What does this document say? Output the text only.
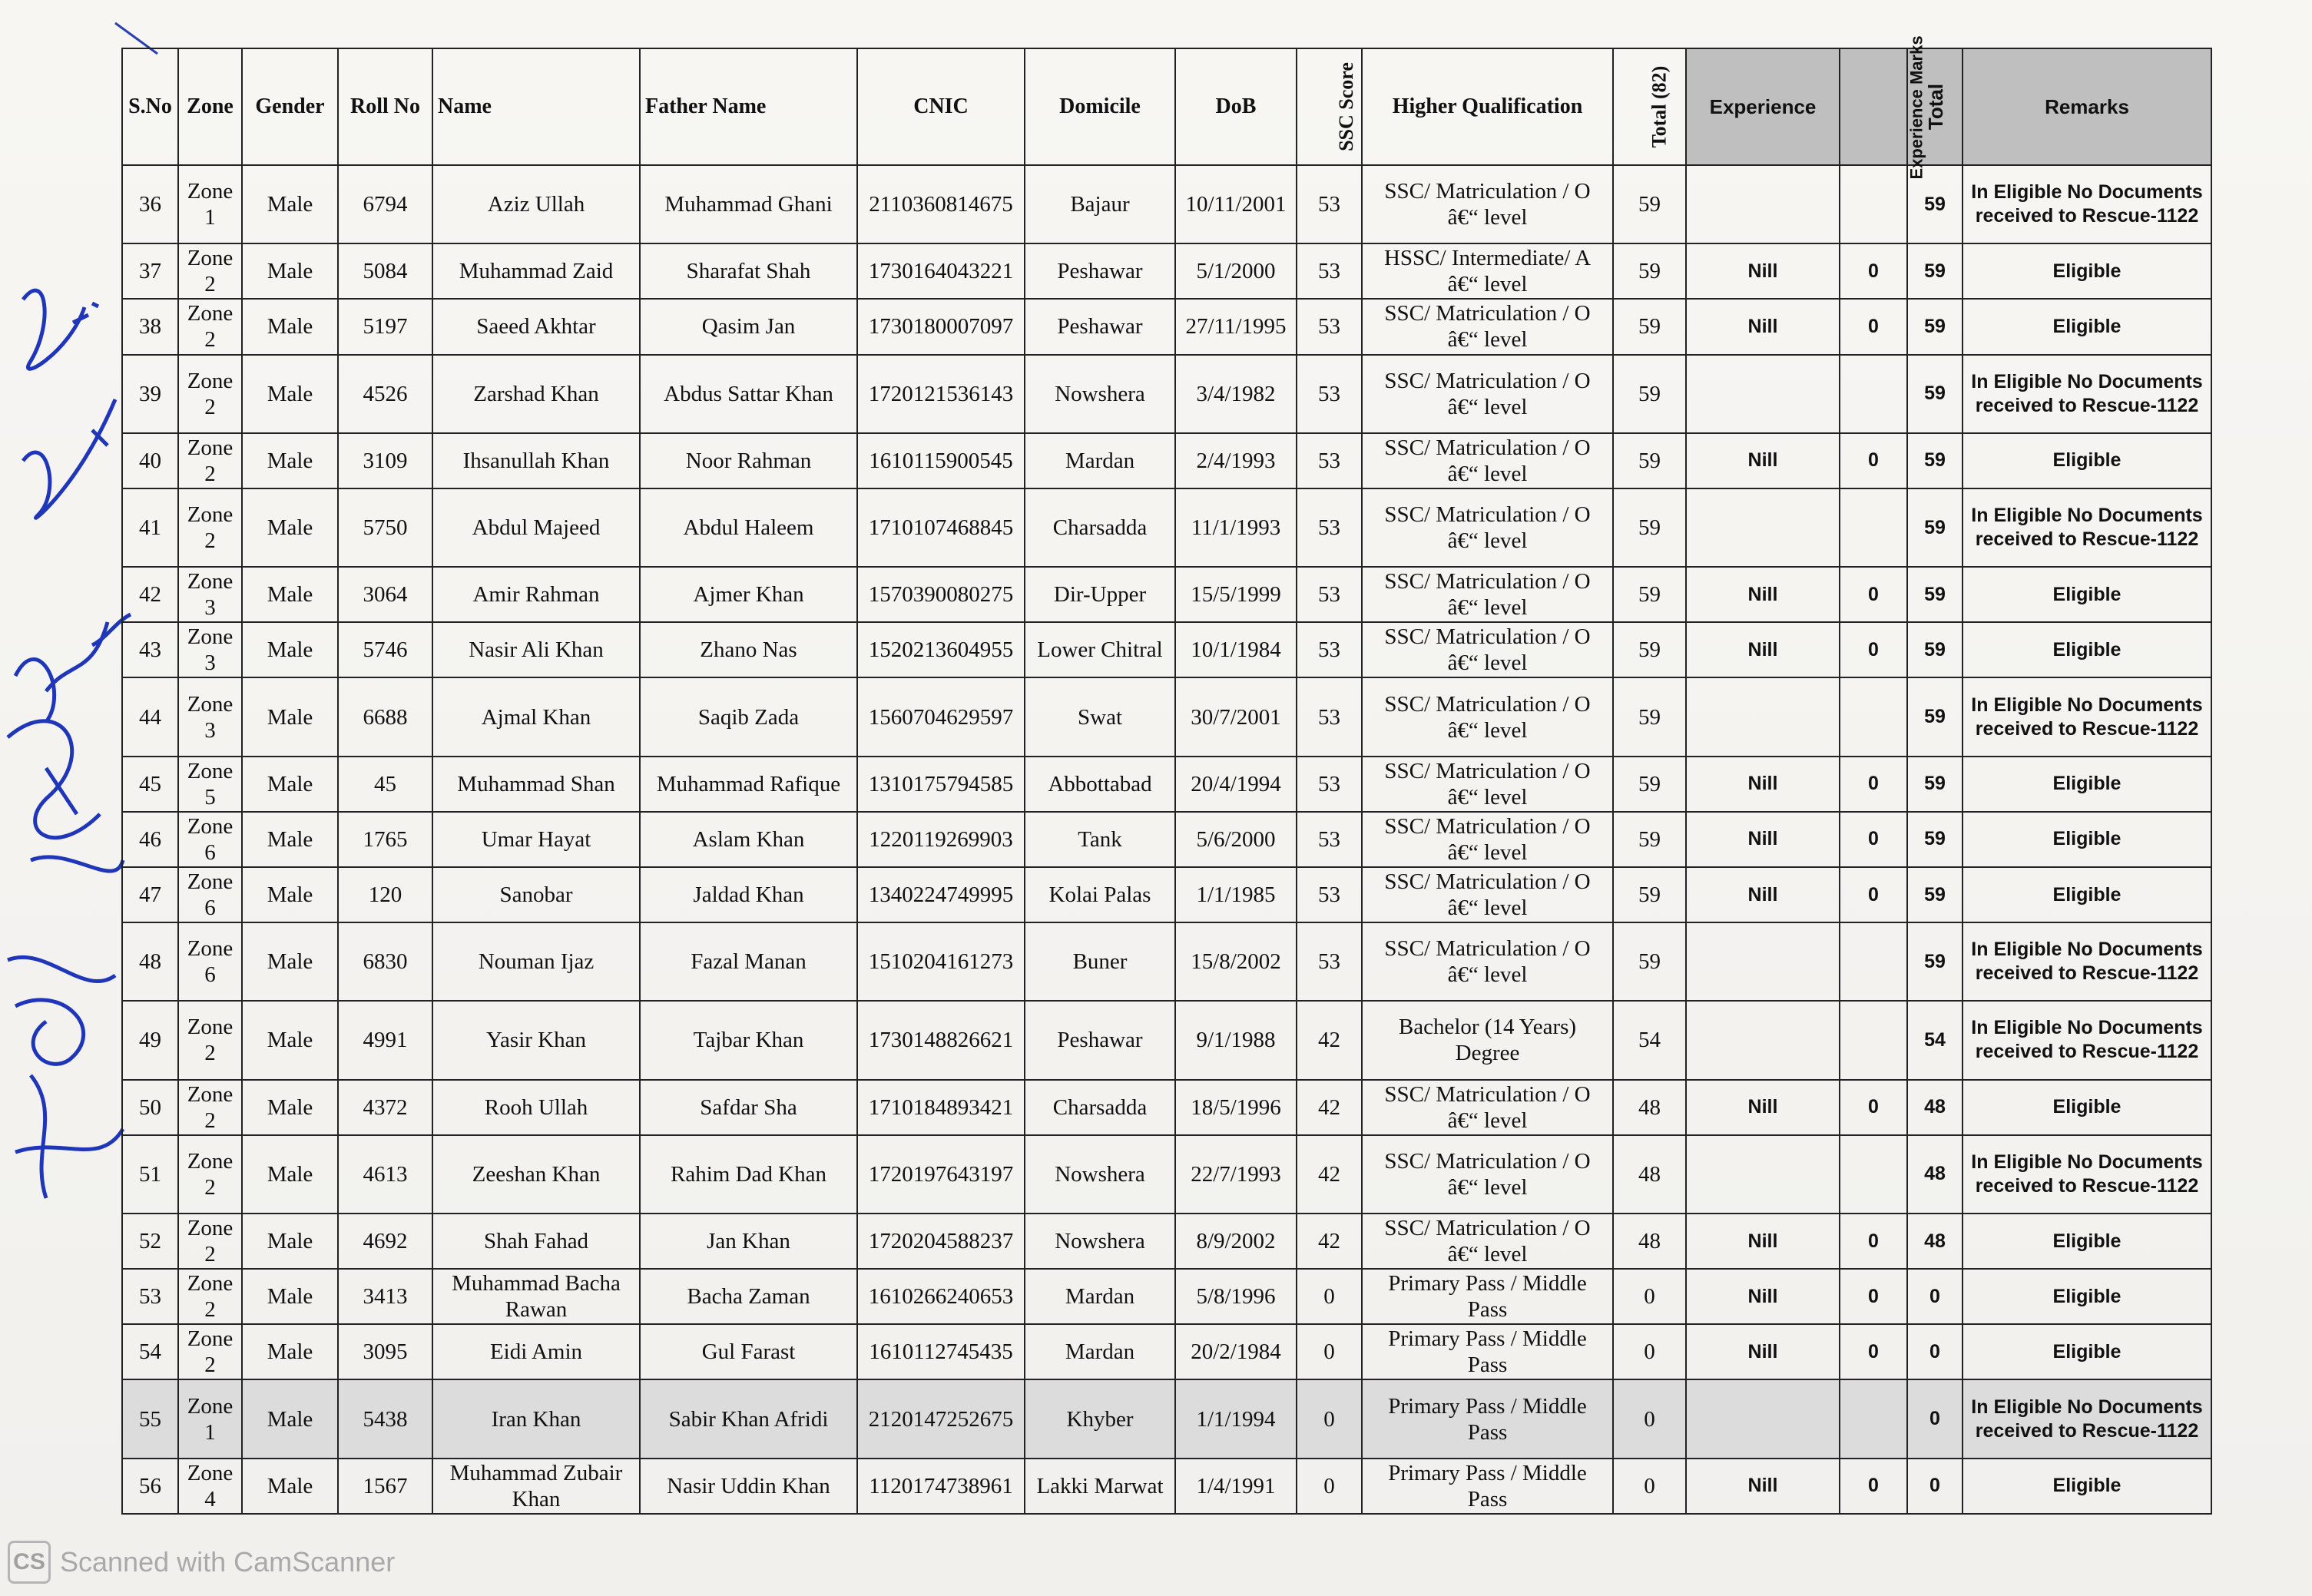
S.No	Zone	Gender	Roll No	Name	Father Name	CNIC	Domicile	DoB	SSC Score	Higher Qualification	Total (82)	Experience	Experience Marks	Total	Remarks
36	Zone 1	Male	6794	Aziz Ullah	Muhammad Ghani	2110360814675	Bajaur	10/11/2001	53	SSC/ Matriculation / O â€“ level	59			59	In Eligible No Documents received to Rescue-1122
37	Zone 2	Male	5084	Muhammad Zaid	Sharafat Shah	1730164043221	Peshawar	5/1/2000	53	HSSC/ Intermediate/ A â€“ level	59	Nill	0	59	Eligible
38	Zone 2	Male	5197	Saeed Akhtar	Qasim Jan	1730180007097	Peshawar	27/11/1995	53	SSC/ Matriculation / O â€“ level	59	Nill	0	59	Eligible
39	Zone 2	Male	4526	Zarshad Khan	Abdus Sattar Khan	1720121536143	Nowshera	3/4/1982	53	SSC/ Matriculation / O â€“ level	59			59	In Eligible No Documents received to Rescue-1122
40	Zone 2	Male	3109	Ihsanullah Khan	Noor Rahman	1610115900545	Mardan	2/4/1993	53	SSC/ Matriculation / O â€“ level	59	Nill	0	59	Eligible
41	Zone 2	Male	5750	Abdul Majeed	Abdul Haleem	1710107468845	Charsadda	11/1/1993	53	SSC/ Matriculation / O â€“ level	59			59	In Eligible No Documents received to Rescue-1122
42	Zone 3	Male	3064	Amir Rahman	Ajmer Khan	1570390080275	Dir-Upper	15/5/1999	53	SSC/ Matriculation / O â€“ level	59	Nill	0	59	Eligible
43	Zone 3	Male	5746	Nasir Ali Khan	Zhano Nas	1520213604955	Lower Chitral	10/1/1984	53	SSC/ Matriculation / O â€“ level	59	Nill	0	59	Eligible
44	Zone 3	Male	6688	Ajmal Khan	Saqib Zada	1560704629597	Swat	30/7/2001	53	SSC/ Matriculation / O â€“ level	59			59	In Eligible No Documents received to Rescue-1122
45	Zone 5	Male	45	Muhammad Shan	Muhammad Rafique	1310175794585	Abbottabad	20/4/1994	53	SSC/ Matriculation / O â€“ level	59	Nill	0	59	Eligible
46	Zone 6	Male	1765	Umar Hayat	Aslam Khan	1220119269903	Tank	5/6/2000	53	SSC/ Matriculation / O â€“ level	59	Nill	0	59	Eligible
47	Zone 6	Male	120	Sanobar	Jaldad Khan	1340224749995	Kolai Palas	1/1/1985	53	SSC/ Matriculation / O â€“ level	59	Nill	0	59	Eligible
48	Zone 6	Male	6830	Nouman Ijaz	Fazal Manan	1510204161273	Buner	15/8/2002	53	SSC/ Matriculation / O â€“ level	59			59	In Eligible No Documents received to Rescue-1122
49	Zone 2	Male	4991	Yasir Khan	Tajbar Khan	1730148826621	Peshawar	9/1/1988	42	Bachelor (14 Years) Degree	54			54	In Eligible No Documents received to Rescue-1122
50	Zone 2	Male	4372	Rooh Ullah	Safdar Sha	1710184893421	Charsadda	18/5/1996	42	SSC/ Matriculation / O â€“ level	48	Nill	0	48	Eligible
51	Zone 2	Male	4613	Zeeshan Khan	Rahim Dad Khan	1720197643197	Nowshera	22/7/1993	42	SSC/ Matriculation / O â€“ level	48			48	In Eligible No Documents received to Rescue-1122
52	Zone 2	Male	4692	Shah Fahad	Jan Khan	1720204588237	Nowshera	8/9/2002	42	SSC/ Matriculation / O â€“ level	48	Nill	0	48	Eligible
53	Zone 2	Male	3413	Muhammad Bacha Rawan	Bacha Zaman	1610266240653	Mardan	5/8/1996	0	Primary Pass / Middle Pass	0	Nill	0	0	Eligible
54	Zone 2	Male	3095	Eidi Amin	Gul Farast	1610112745435	Mardan	20/2/1984	0	Primary Pass / Middle Pass	0	Nill	0	0	Eligible
55	Zone 1	Male	5438	Iran Khan	Sabir Khan Afridi	2120147252675	Khyber	1/1/1994	0	Primary Pass / Middle Pass	0			0	In Eligible No Documents received to Rescue-1122
56	Zone 4	Male	1567	Muhammad Zubair Khan	Nasir Uddin Khan	1120174738961	Lakki Marwat	1/4/1991	0	Primary Pass / Middle Pass	0	Nill	0	0	Eligible
CS Scanned with CamScanner
